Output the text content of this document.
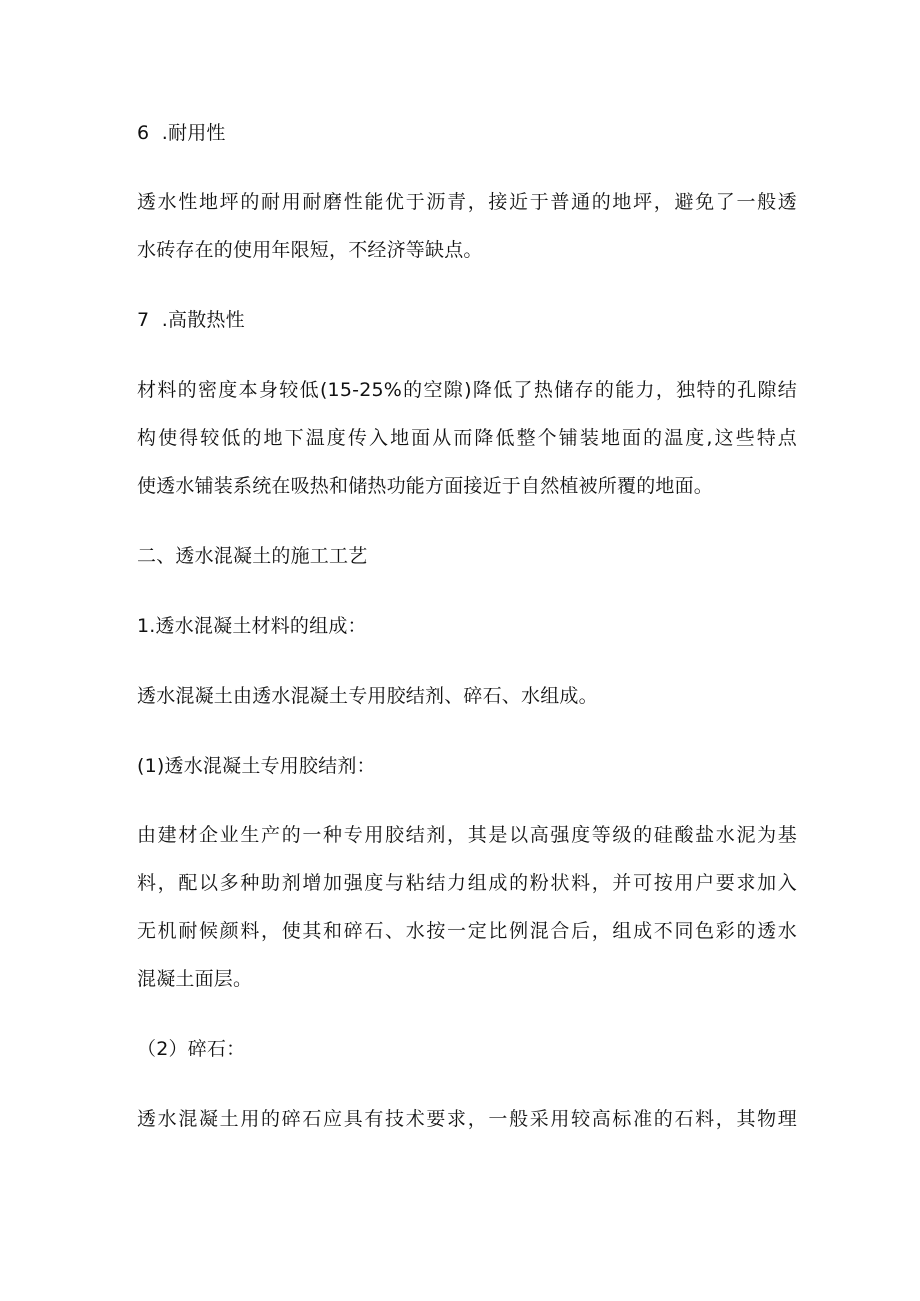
6  .耐用性
透水性地坪的耐用耐磨性能优于沥青，接近于普通的地坪，避免了一般透
水砖存在的使用年限短，不经济等缺点。
7  .高散热性
材料的密度本身较低(15-25%的空隙)降低了热储存的能力，独特的孔隙结
构使得较低的地下温度传入地面从而降低整个铺装地面的温度,这些特点
使透水铺装系统在吸热和储热功能方面接近于自然植被所覆的地面。
二、透水混凝土的施工工艺
1.透水混凝土材料的组成：
透水混凝土由透水混凝土专用胶结剂、碎石、水组成。
(1)透水混凝土专用胶结剂：
由建材企业生产的一种专用胶结剂，其是以高强度等级的硅酸盐水泥为基
料，配以多种助剂增加强度与粘结力组成的粉状料，并可按用户要求加入
无机耐候颜料，使其和碎石、水按一定比例混合后，组成不同色彩的透水
混凝土面层。
（2）碎石：
透水混凝土用的碎石应具有技术要求，一般采用较高标准的石料，其物理
